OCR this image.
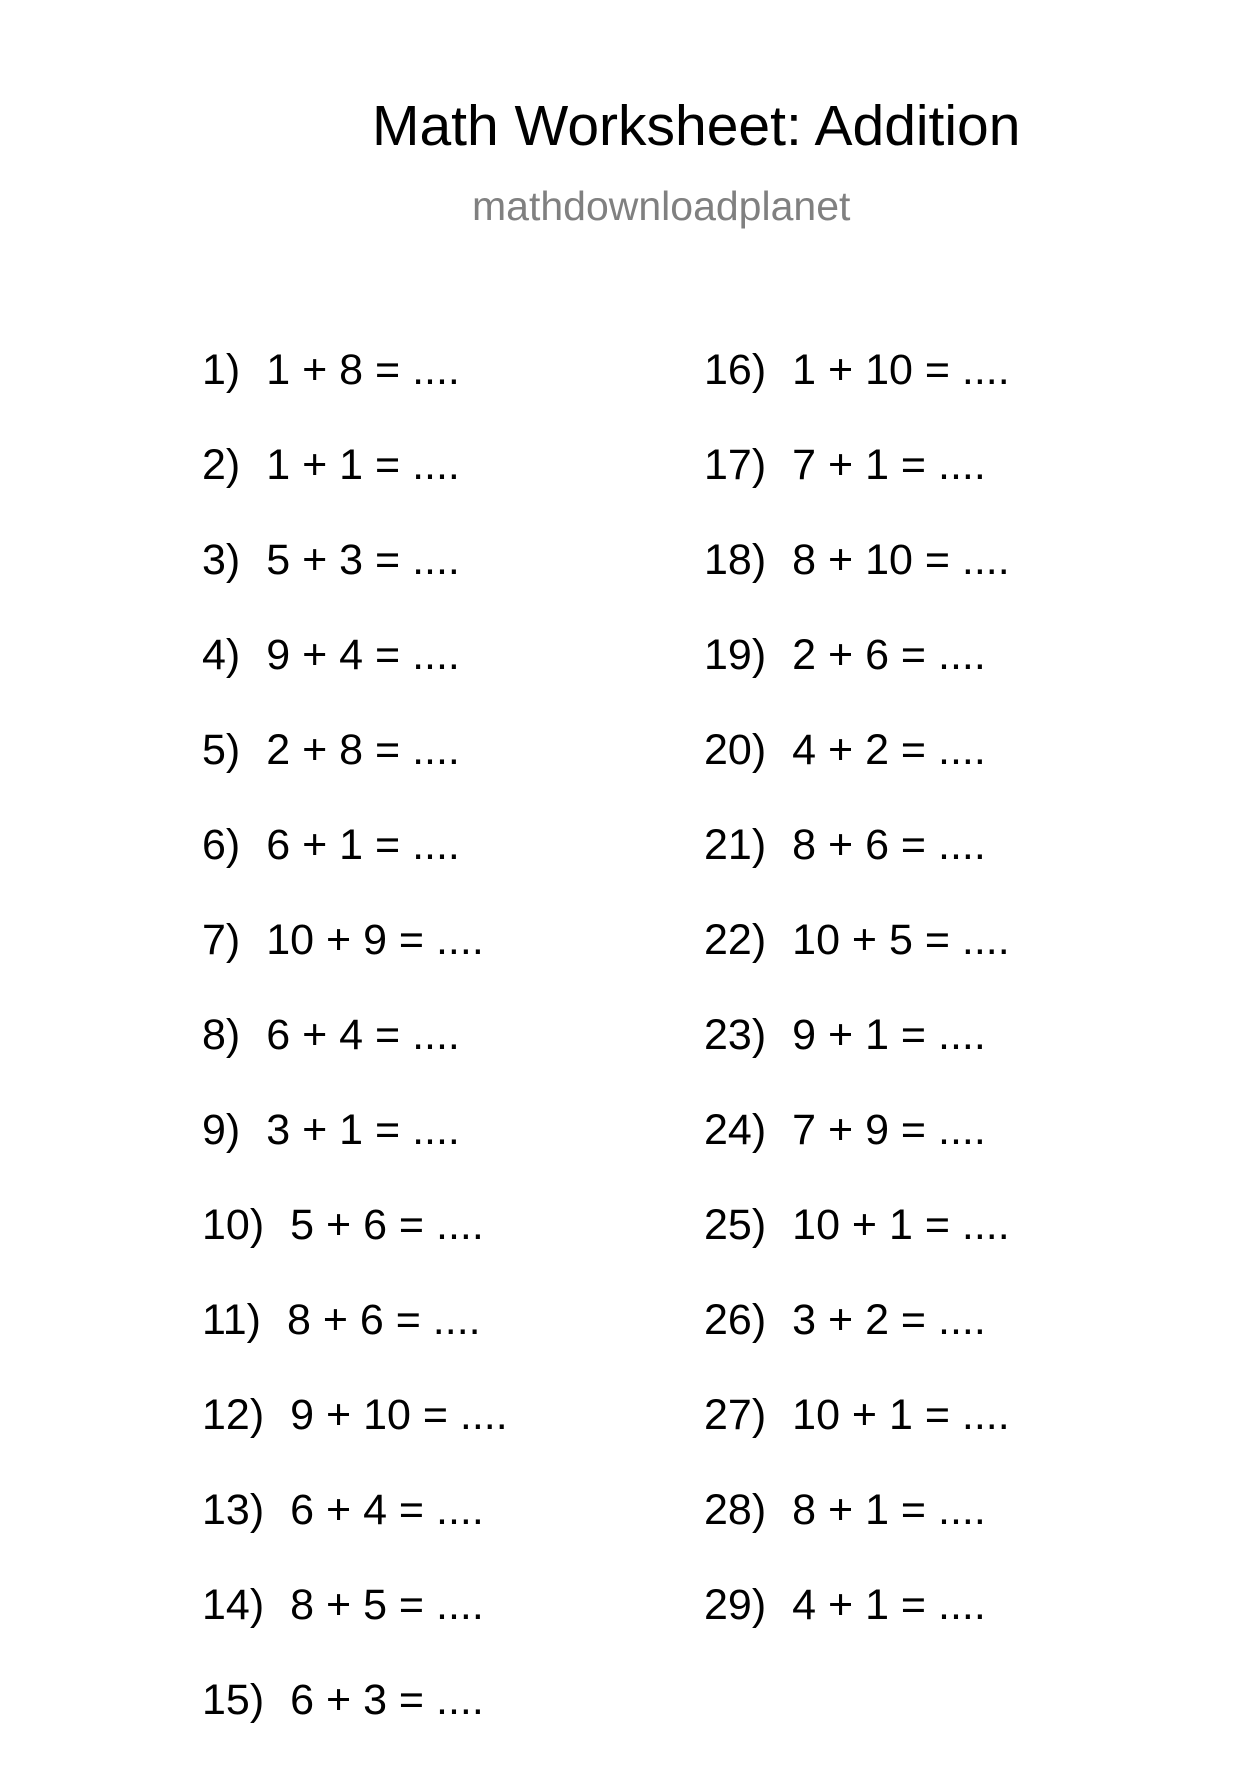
Math Worksheet: Addition
mathdownloadplanet
1) 1 + 8 = ....
2) 1 + 1 = ....
3) 5 + 3 = ....
4) 9 + 4 = ....
5) 2 + 8 = ....
6) 6 + 1 = ....
7) 10 + 9 = ....
8) 6 + 4 = ....
9) 3 + 1 = ....
10) 5 + 6 = ....
11) 8 + 6 = ....
12) 9 + 10 = ....
13) 6 + 4 = ....
14) 8 + 5 = ....
15) 6 + 3 = ....
16) 1 + 10 = ....
17) 7 + 1 = ....
18) 8 + 10 = ....
19) 2 + 6 = ....
20) 4 + 2 = ....
21) 8 + 6 = ....
22) 10 + 5 = ....
23) 9 + 1 = ....
24) 7 + 9 = ....
25) 10 + 1 = ....
26) 3 + 2 = ....
27) 10 + 1 = ....
28) 8 + 1 = ....
29) 4 + 1 = ....
